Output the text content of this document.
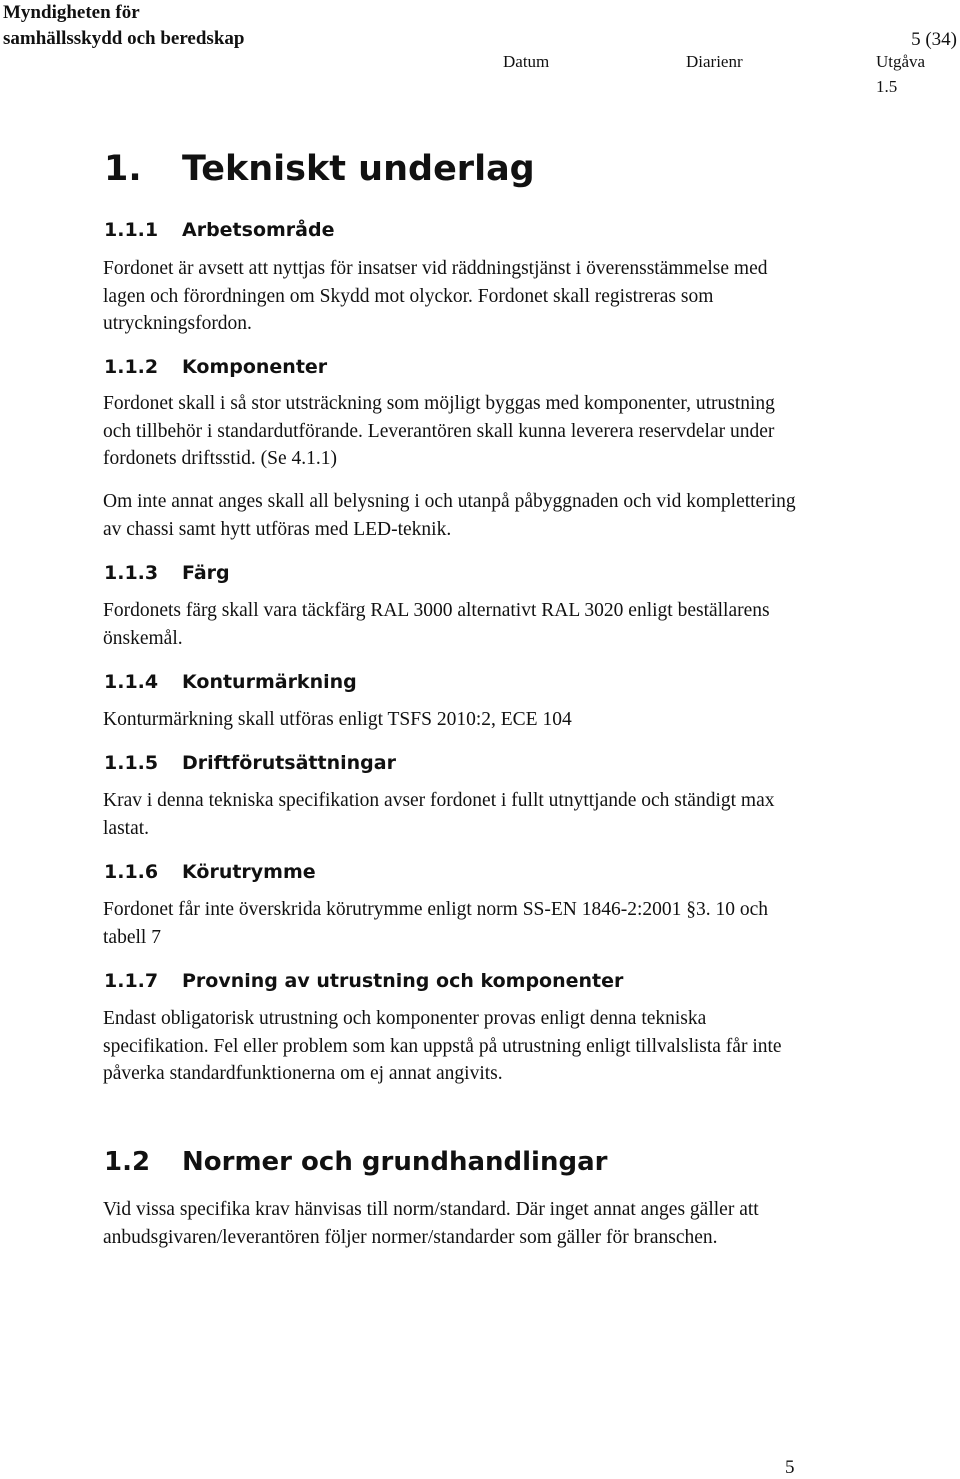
Myndigheten för
samhällsskydd och beredskap	5 (34)
Datum	Diarienr	Utgåva
1.5
1. Tekniskt underlag
1.1.1 Arbetsområde
Fordonet är avsett att nyttjas för insatser vid räddningstjänst i överensstämmelse med lagen och förordningen om Skydd mot olyckor. Fordonet skall registreras som utryckningsfordon.
1.1.2 Komponenter
Fordonet skall i så stor utsträckning som möjligt byggas med komponenter, utrustning och tillbehör i standardutförande. Leverantören skall kunna leverera reservdelar under fordonets driftsstid. (Se 4.1.1)
Om inte annat anges skall all belysning i och utanpå påbyggnaden och vid komplettering av chassi samt hytt utföras med LED-teknik.
1.1.3 Färg
Fordonets färg skall vara täckfärg RAL 3000 alternativt RAL 3020 enligt beställarens önskemål.
1.1.4 Konturmärkning
Konturmärkning skall utföras enligt TSFS 2010:2, ECE 104
1.1.5 Driftförutsättningar
Krav i denna tekniska specifikation avser fordonet i fullt utnyttjande och ständigt max lastat.
1.1.6 Körutrymme
Fordonet får inte överskrida körutrymme enligt norm SS-EN 1846-2:2001 §3. 10 och tabell 7
1.1.7 Provning av utrustning och komponenter
Endast obligatorisk utrustning och komponenter provas enligt denna tekniska specifikation. Fel eller problem som kan uppstå på utrustning enligt tillvalslista får inte påverka standardfunktionerna om ej annat angivits.
1.2 Normer och grundhandlingar
Vid vissa specifika krav hänvisas till norm/standard. Där inget annat anges gäller att anbudsgivaren/leverantören följer normer/standarder som gäller för branschen.
5
